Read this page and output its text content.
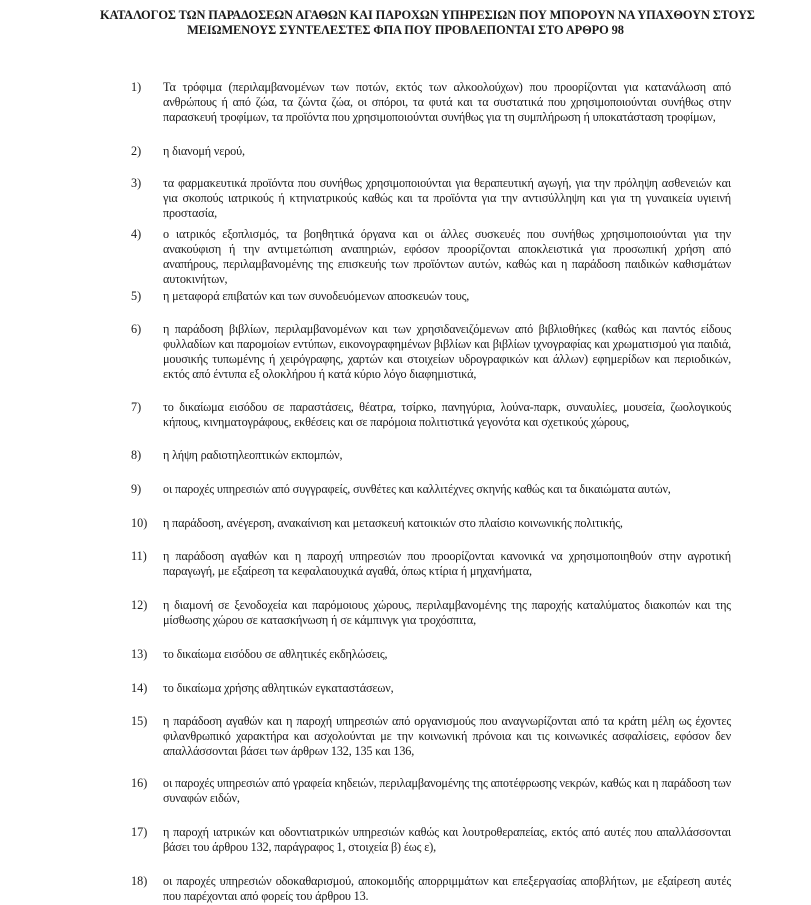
ΚΑΤΑΛΟΓΟΣ ΤΩΝ ΠΑΡΑΔΟΣΕΩΝ ΑΓΑΘΩΝ ΚΑΙ ΠΑΡΟΧΩΝ ΥΠΗΡΕΣΙΩΝ ΠΟΥ ΜΠΟΡΟΥΝ ΝΑ ΥΠΑΧΘΟΥΝ ΣΤΟΥΣ
ΜΕΙΩΜΕΝΟΥΣ ΣΥΝΤΕΛΕΣΤΕΣ ΦΠΑ ΠΟΥ ΠΡΟΒΛΕΠΟΝΤΑΙ ΣΤΟ ΑΡΘΡΟ 98
1) Τα τρόφιμα (περιλαμβανομένων των ποτών, εκτός των αλκοολούχων) που προορίζονται για κατανάλωση από ανθρώπους ή από ζώα, τα ζώντα ζώα, οι σπόροι, τα φυτά και τα συστατικά που χρησιμοποιούνται συνήθως στην παρασκευή τροφίμων, τα προϊόντα που χρησιμοποιούνται συνήθως για τη συμπλήρωση ή υποκατάσταση τροφίμων,
2) η διανομή νερού,
3) τα φαρμακευτικά προϊόντα που συνήθως χρησιμοποιούνται για θεραπευτική αγωγή, για την πρόληψη ασθενειών και για σκοπούς ιατρικούς ή κτηνιατρικούς καθώς και τα προϊόντα για την αντισύλληψη και για τη γυναικεία υγιεινή προστασία,
4) ο ιατρικός εξοπλισμός, τα βοηθητικά όργανα και οι άλλες συσκευές που συνήθως χρησιμοποιούνται για την ανακούφιση ή την αντιμετώπιση αναπηριών, εφόσον προορίζονται αποκλειστικά για προσωπική χρήση από αναπήρους, περιλαμβανομένης της επισκευής των προϊόντων αυτών, καθώς και η παράδοση παιδικών καθισμάτων αυτοκινήτων,
5) η μεταφορά επιβατών και των συνοδευόμενων αποσκευών τους,
6) η παράδοση βιβλίων, περιλαμβανομένων και των χρησιδανειζόμενων από βιβλιοθήκες (καθώς και παντός είδους φυλλαδίων και παρομοίων εντύπων, εικονογραφημένων βιβλίων και βιβλίων ιχνογραφίας και χρωματισμού για παιδιά, μουσικής τυπωμένης ή χειρόγραφης, χαρτών και στοιχείων υδρογραφικών και άλλων) εφημερίδων και περιοδικών, εκτός από έντυπα εξ ολοκλήρου ή κατά κύριο λόγο διαφημιστικά,
7) το δικαίωμα εισόδου σε παραστάσεις, θέατρα, τσίρκο, πανηγύρια, λούνα-παρκ, συναυλίες, μουσεία, ζωολογικούς κήπους, κινηματογράφους, εκθέσεις και σε παρόμοια πολιτιστικά γεγονότα και σχετικούς χώρους,
8) η λήψη ραδιοτηλεοπτικών εκπομπών,
9) οι παροχές υπηρεσιών από συγγραφείς, συνθέτες και καλλιτέχνες σκηνής καθώς και τα δικαιώματα αυτών,
10) η παράδοση, ανέγερση, ανακαίνιση και μετασκευή κατοικιών στο πλαίσιο κοινωνικής πολιτικής,
11) η παράδοση αγαθών και η παροχή υπηρεσιών που προορίζονται κανονικά να χρησιμοποιηθούν στην αγροτική παραγωγή, με εξαίρεση τα κεφαλαιουχικά αγαθά, όπως κτίρια ή μηχανήματα,
12) η διαμονή σε ξενοδοχεία και παρόμοιους χώρους, περιλαμβανομένης της παροχής καταλύματος διακοπών και της μίσθωσης χώρου σε κατασκήνωση ή σε κάμπινγκ για τροχόσπιτα,
13) το δικαίωμα εισόδου σε αθλητικές εκδηλώσεις,
14) το δικαίωμα χρήσης αθλητικών εγκαταστάσεων,
15) η παράδοση αγαθών και η παροχή υπηρεσιών από οργανισμούς που αναγνωρίζονται από τα κράτη μέλη ως έχοντες φιλανθρωπικό χαρακτήρα και ασχολούνται με την κοινωνική πρόνοια και τις κοινωνικές ασφαλίσεις, εφόσον δεν απαλλάσσονται βάσει των άρθρων 132, 135 και 136,
16) οι παροχές υπηρεσιών από γραφεία κηδειών, περιλαμβανομένης της αποτέφρωσης νεκρών, καθώς και η παράδοση των συναφών ειδών,
17) η παροχή ιατρικών και οδοντιατρικών υπηρεσιών καθώς και λουτροθεραπείας, εκτός από αυτές που απαλλάσσονται βάσει του άρθρου 132, παράγραφος 1, στοιχεία β) έως ε),
18) οι παροχές υπηρεσιών οδοκαθαρισμού, αποκομιδής απορριμμάτων και επεξεργασίας αποβλήτων, με εξαίρεση αυτές που παρέχονται από φορείς του άρθρου 13.
